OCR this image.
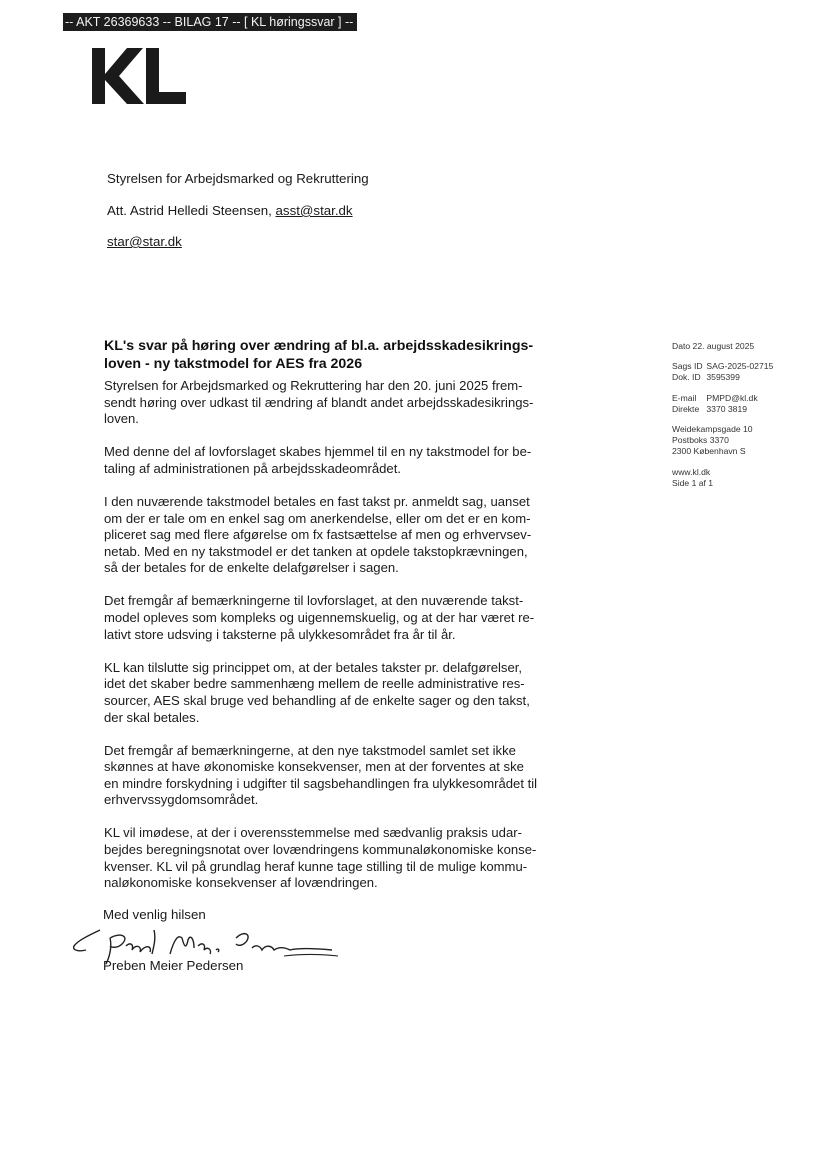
-- AKT 26369633 -- BILAG 17 -- [ KL høringssvar ] --
Styrelsen for Arbejdsmarked og Rekruttering
Att. Astrid Helledi Steensen, asst@star.dk
star@star.dk
KL's svar på høring over ændring af bl.a. arbejdsskadesikrings-
loven - ny takstmodel for AES fra 2026

Styrelsen for Arbejdsmarked og Rekruttering har den 20. juni 2025 frem-
sendt høring over udkast til ændring af blandt andet arbejdsskadesikrings-
loven.

Med denne del af lovforslaget skabes hjemmel til en ny takstmodel for be-
taling af administrationen på arbejdsskadeområdet.

I den nuværende takstmodel betales en fast takst pr. anmeldt sag, uanset
om der er tale om en enkel sag om anerkendelse, eller om det er en kom-
pliceret sag med flere afgørelse om fx fastsættelse af men og erhvervsev-
netab. Med en ny takstmodel er det tanken at opdele takstopkrævningen,
så der betales for de enkelte delafgørelser i sagen.

Det fremgår af bemærkningerne til lovforslaget, at den nuværende takst-
model opleves som kompleks og uigennemskuelig, og at der har været re-
lativt store udsving i taksterne på ulykkesområdet fra år til år.

KL kan tilslutte sig princippet om, at der betales takster pr. delafgørelser,
idet det skaber bedre sammenhæng mellem de reelle administrative res-
sourcer, AES skal bruge ved behandling af de enkelte sager og den takst,
der skal betales.

Det fremgår af bemærkningerne, at den nye takstmodel samlet set ikke
skønnes at have økonomiske konsekvenser, men at der forventes at ske
en mindre forskydning i udgifter til sagsbehandlingen fra ulykkesområdet til
erhvervssygdomsområdet.

KL vil imødese, at der i overensstemmelse med sædvanlig praksis udar-
bejdes beregningsnotat over lovændringens kommunaløkonomiske konse-
kvenser. KL vil på grundlag heraf kunne tage stilling til de mulige kommu-
naløkonomiske konsekvenser af lovændringen.

Dato 22. august 2025
Sags ID SAG-2025-02715
Dok. ID 3595399
E-mail PMPD@kl.dk
Direkte 3370 3819
Weidekampsgade 10
Postboks 3370
2300 København S
www.kl.dk
Side 1 af 1
Med venlig hilsen
Preben Meier Pedersen
